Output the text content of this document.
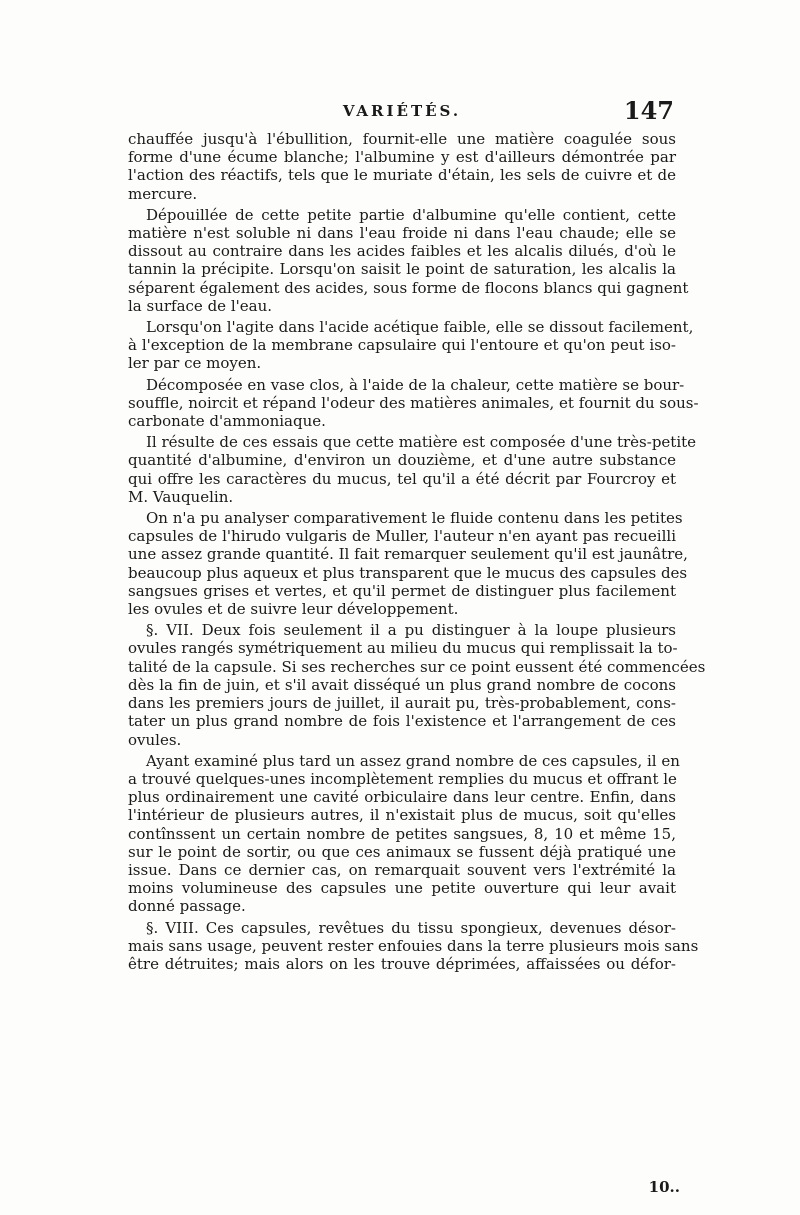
VARIÉTÉS.	147
chauffée jusqu'à l'ébullition, fournit-elle une matière coagulée sous
forme d'une écume blanche; l'albumine y est d'ailleurs démontrée par
l'action des réactifs, tels que le muriate d'étain, les sels de cuivre et de
mercure.
Dépouillée de cette petite partie d'albumine qu'elle contient, cette
matière n'est soluble ni dans l'eau froide ni dans l'eau chaude; elle se
dissout au contraire dans les acides faibles et les alcalis dilués, d'où le
tannin la précipite. Lorsqu'on saisit le point de saturation, les alcalis la
séparent également des acides, sous forme de flocons blancs qui gagnent
la surface de l'eau.
Lorsqu'on l'agite dans l'acide acétique faible, elle se dissout facilement,
à l'exception de la membrane capsulaire qui l'entoure et qu'on peut iso-
ler par ce moyen.
Décomposée en vase clos, à l'aide de la chaleur, cette matière se bour-
souffle, noircit et répand l'odeur des matières animales, et fournit du sous-
carbonate d'ammoniaque.
Il résulte de ces essais que cette matière est composée d'une très-petite
quantité d'albumine, d'environ un douzième, et d'une autre substance
qui offre les caractères du mucus, tel qu'il a été décrit par Fourcroy et
M. Vauquelin.
On n'a pu analyser comparativement le fluide contenu dans les petites
capsules de l'hirudo vulgaris de Muller, l'auteur n'en ayant pas recueilli
une assez grande quantité. Il fait remarquer seulement qu'il est jaunâtre,
beaucoup plus aqueux et plus transparent que le mucus des capsules des
sangsues grises et vertes, et qu'il permet de distinguer plus facilement
les ovules et de suivre leur développement.
§. VII. Deux fois seulement il a pu distinguer à la loupe plusieurs
ovules rangés symétriquement au milieu du mucus qui remplissait la to-
talité de la capsule. Si ses recherches sur ce point eussent été commencées
dès la fin de juin, et s'il avait disséqué un plus grand nombre de cocons
dans les premiers jours de juillet, il aurait pu, très-probablement, cons-
tater un plus grand nombre de fois l'existence et l'arrangement de ces
ovules.
Ayant examiné plus tard un assez grand nombre de ces capsules, il en
a trouvé quelques-unes incomplètement remplies du mucus et offrant le
plus ordinairement une cavité orbiculaire dans leur centre. Enfin, dans
l'intérieur de plusieurs autres, il n'existait plus de mucus, soit qu'elles
contînssent un certain nombre de petites sangsues, 8, 10 et même 15,
sur le point de sortir, ou que ces animaux se fussent déjà pratiqué une
issue. Dans ce dernier cas, on remarquait souvent vers l'extrémité la
moins volumineuse des capsules une petite ouverture qui leur avait
donné passage.
§. VIII. Ces capsules, revêtues du tissu spongieux, devenues désor-
mais sans usage, peuvent rester enfouies dans la terre plusieurs mois sans
être détruites; mais alors on les trouve déprimées, affaissées ou défor-
10..
